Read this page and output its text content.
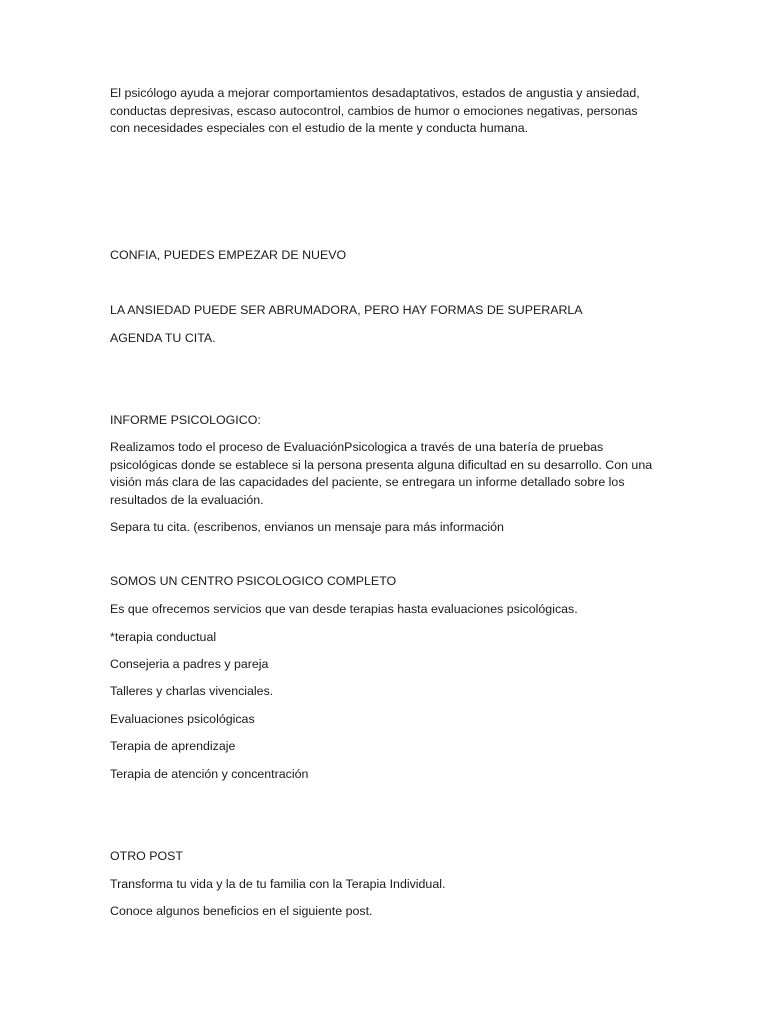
El psicólogo ayuda a mejorar comportamientos desadaptativos, estados de angustia y ansiedad, conductas depresivas, escaso autocontrol, cambios de humor o emociones negativas, personas con necesidades especiales con el estudio de la mente y conducta humana.

CONFIA, PUEDES EMPEZAR DE NUEVO

LA ANSIEDAD PUEDE SER ABRUMADORA, PERO HAY FORMAS DE SUPERARLA

AGENDA TU CITA.

INFORME PSICOLOGICO:

Realizamos todo el proceso de EvaluaciónPsicologica a través de una batería de pruebas psicológicas donde se establece si la persona presenta alguna dificultad en su desarrollo. Con una visión más clara de las capacidades del paciente, se entregara un informe detallado sobre los resultados de la evaluación.

Separa tu cita. (escribenos, envianos un mensaje para más información

SOMOS UN CENTRO PSICOLOGICO COMPLETO

Es que ofrecemos servicios que van desde terapias hasta evaluaciones psicológicas.

*terapia conductual

Consejeria a padres y pareja

Talleres y charlas vivenciales.

Evaluaciones psicológicas

Terapia de aprendizaje

Terapia de atención y concentración

OTRO POST

Transforma tu vida y la de tu familia con la Terapia Individual.

Conoce algunos beneficios en el siguiente post.
